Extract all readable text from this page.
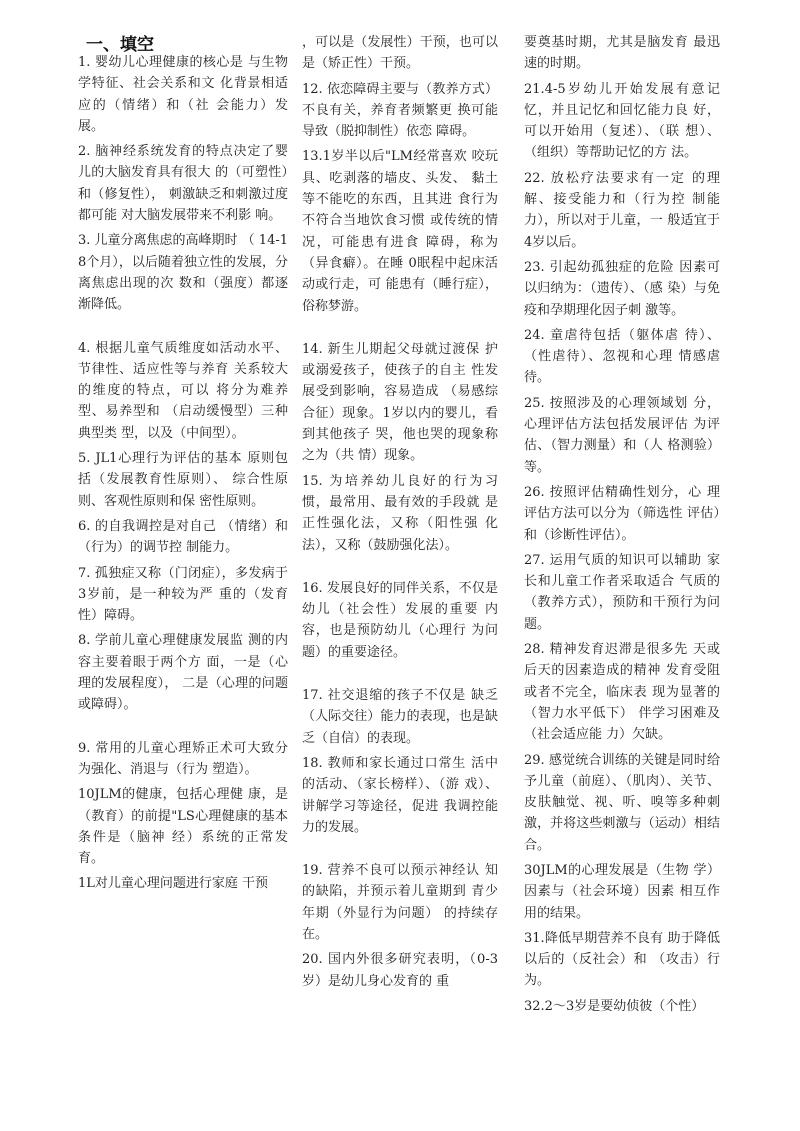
一、填空

1. 婴幼儿心理健康的核心是 与生物学特征、社会关系和文 化背景相适应的（情绪）和（社 会能力）发展。

2. 脑神经系统发育的特点决定了婴儿的大脑发育具有很大 的（可塑性）和（修复性）， 刺激缺乏和刺激过度都可能 对大脑发展带来不利影 响。

3. 儿童分离焦虑的高峰期时 （ 14-18个月），以后随着独立性的发展，分离焦虑出现的次 数和（强度）都逐渐降低。

4. 根据儿童气质维度如活动水平、节律性、适应性等与养育 关系较大的维度的特点，可以 将分为难养型、易养型和 （启动缓慢型）三种典型类 型，以及（中间型）。

5. JL1心理行为评估的基本 原则包括（发展教育性原则）、 综合性原则、客观性原则和保 密性原则。

6. 的自我调控是对自己 （情绪）和（行为）的调节控 制能力。

7. 孤独症又称（门闭症），多发病于3岁前，是一种较为严 重的（发育性）障碍。

8. 学前儿童心理健康发展监 测的内容主要着眼于两个方 面，一是（心理的发展程度）， 二是（心理的问题或障碍）。

9. 常用的儿童心理矫正术可大致分为强化、消退与（行为 塑造）。

10JLM的健康，包括心理健 康，是（教育）的前提"LS心理健康的基本条件是（脑神 经）系统的正常发育。

1L对儿童心理问题进行家庭 干预

，可以是（发展性）干预，也可以是（矫正性）干预。

12. 依恋障碍主要与（教养方式）不良有关，养育者频繁更 换可能导致（脱抑制性）依恋 障碍。

13.1岁半以后"LM经常喜欢 咬玩具、吃剥落的墙皮、头发、 黏土等不能吃的东西，且其进 食行为不符合当地饮食习惯 或传统的情况，可能患有进食 障碍，称为（异食癖）。在睡 0眠程中起床活动或行走，可 能患有（睡行症），俗称梦游。

14. 新生儿期起父母就过渡保 护或溺爱孩子，使孩子的自主 性发展受到影响，容易造成 （易感综合征）现象。1岁以内的婴儿，看到其他孩子 哭，他也哭的现象称之为（共 情）现象。

15. 为培养幼儿良好的行为习 惯，最常用、最有效的手段就 是正性强化法，又称（阳性强 化法），又称（鼓励强化法）。

16. 发展良好的同伴关系，不仅是幼儿（社会性）发展的重要 内容，也是预防幼儿（心理行 为问题）的重要途径。

17. 社交退缩的孩子不仅是 缺乏（人际交往）能力的表现，也是缺乏（自信）的表现。

18. 教师和家长通过口常生 活中的活动、（家长榜样）、（游 戏）、讲解学习等途径，促进 我调控能力的发展。

19. 营养不良可以预示神经认 知的缺陷，并预示着儿童期到 青少年期（外显行为问题） 的持续存在。

20. 国内外很多研究表明，（0-3岁）是幼儿身心发育的 重

要奠基时期，尤其是脑发育 最迅速的时期。

21.4-5岁幼儿开始发展有意记 忆，并且记忆和回忆能力良 好，可以开始用（复述）、（联 想）、（组织）等帮助记忆的方 法。

22. 放松疗法要求有一定 的理解、接受能力和（行为控 制能力），所以对于儿童，一 般适宜于4岁以后。

23. 引起幼孤独症的危险 因素可以归纳为：（遗传）、（感 染）与免疫和孕期理化因子刺 激等。

24. 童虐待包括（躯体虐 待）、（性虐待）、忽视和心理 情感虐待。

25. 按照涉及的心理领域划 分，心理评估方法包括发展评估 为评估、（智力测量）和（人 格测验）等。

26. 按照评估精确性划分，心 理评估方法可以分为（筛选性 评估）和（诊断性评估）。

27. 运用气质的知识可以辅助 家长和儿童工作者采取适合 气质的（教养方式），预防和干预行为问题。

28. 精神发育迟滞是很多先 天或后天的因素造成的精神 发育受阻或者不完全，临床表 现为显著的（智力水平低下） 伴学习困难及（社会适应能 力）欠缺。

29. 感觉统合训练的关键是同时给予儿童（前庭）、（肌肉）、关节、皮肤触觉、视、听、嗅等多种刺激，并将这些刺激与（运动）相结合。

30JLM的心理发展是（生物 学）因素与（社会环境）因素 相互作用的结果。

31.降低早期营养不良有 助于降低以后的（反社会）和 （攻击）行为。

32.2～3岁是要幼侦彼（个性）
